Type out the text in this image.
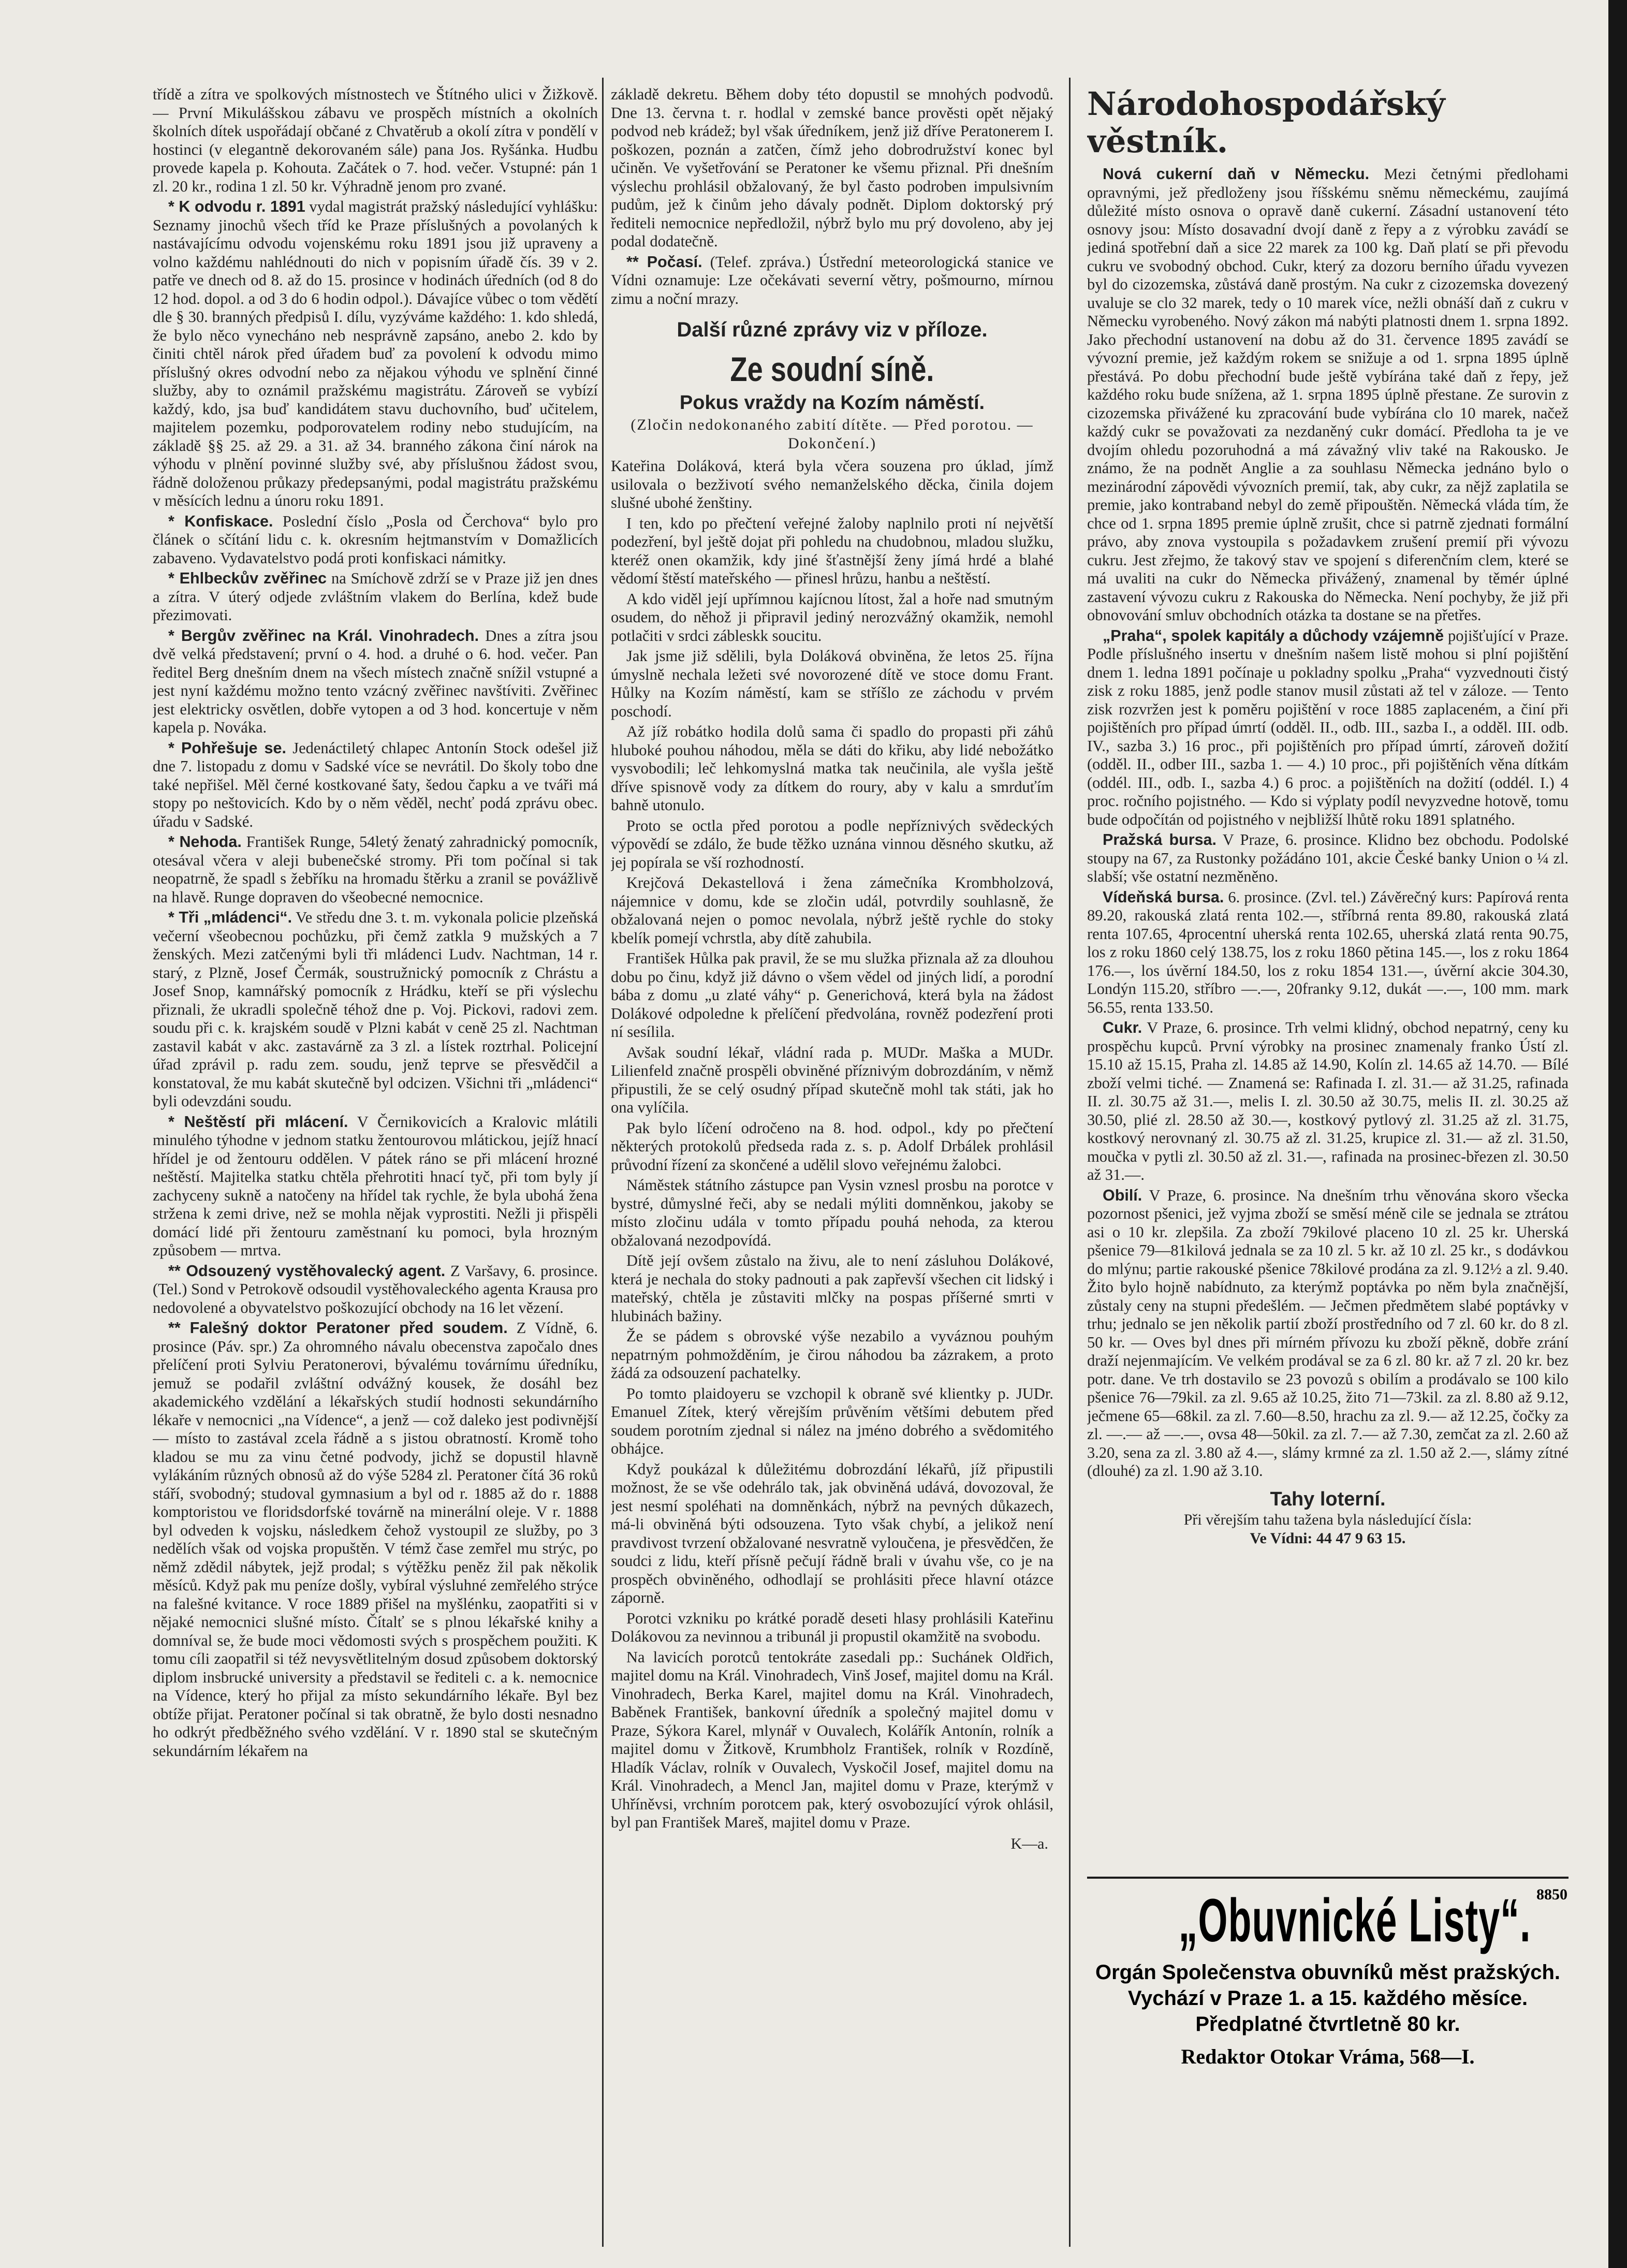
třídě a zítra ve spolkových místnostech ve Štítného ulici v Žižkově. — První Mikulášskou zábavu ve prospěch místních a okolních školních dítek uspořádají občané z Chvatěrub a okolí zítra v pondělí v hostinci (v elegantně dekorovaném sále) pana Jos. Ryšánka. Hudbu provede kapela p. Kohouta. Začátek o 7. hod. večer. Vstupné: pán 1 zl. 20 kr., rodina 1 zl. 50 kr. Výhradně jenom pro zvané.

* K odvodu r. 1891 vydal magistrát pražský následující vyhlášku: Seznamy jinochů všech tříd ke Praze příslušných a povolaných k nastávajícímu odvodu vojenskému roku 1891 jsou již upraveny a volno každému nahlédnouti do nich v popisním úřadě čís. 39 v 2. patře ve dnech od 8. až do 15. prosince v hodinách úředních (od 8 do 12 hod. dopol. a od 3 do 6 hodin odpol.). Dávajíce vůbec o tom vědětí dle § 30. branných předpisů I. dílu, vyzýváme každého: 1. kdo shledá, že bylo něco vynecháno neb nesprávně zapsáno, anebo 2. kdo by činiti chtěl nárok před úřadem buď za povolení k odvodu mimo příslušný okres odvodní nebo za nějakou výhodu ve splnění činné služby, aby to oznámil pražskému magistrátu. Zároveň se vybízí každý, kdo, jsa buď kandidátem stavu duchovního, buď učitelem, majitelem pozemku, podporovatelem rodiny nebo studujícím, na základě §§ 25. až 29. a 31. až 34. branného zákona činí nárok na výhodu v plnění povinné služby své, aby příslušnou žádost svou, řádně doloženou průkazy předepsanými, podal magistrátu pražskému v měsících lednu a únoru roku 1891.

* Konfiskace. Poslední číslo „Posla od Čerchova“ bylo pro článek o sčítání lidu c. k. okresním hejtmanstvím v Domažlicích zabaveno. Vydavatelstvo podá proti konfiskaci námitky.

* Ehlbeckův zvěřinec na Smíchově zdrží se v Praze již jen dnes a zítra. V úterý odjede zvláštním vlakem do Berlína, kdež bude přezimovati.

* Bergův zvěřinec na Král. Vinohradech. Dnes a zítra jsou dvě velká představení; první o 4. hod. a druhé o 6. hod. večer. Pan ředitel Berg dnešním dnem na všech místech značně snížil vstupné a jest nyní každému možno tento vzácný zvěřinec navštíviti. Zvěřinec jest elektricky osvětlen, dobře vytopen a od 3 hod. koncertuje v něm kapela p. Nováka.

* Pohřešuje se. Jedenáctiletý chlapec Antonín Stock odešel již dne 7. listopadu z domu v Sadské více se nevrátil. Do školy tobo dne také nepřišel. Měl černé kostkované šaty, šedou čapku a ve tváři má stopy po neštovicích. Kdo by o něm věděl, nechť podá zprávu obec. úřadu v Sadské.

* Nehoda. František Runge, 54letý ženatý zahradnický pomocník, otesával včera v aleji bubenečské stromy. Při tom počínal si tak neopatrně, že spadl s žebříku na hromadu štěrku a zranil se povážlivě na hlavě. Runge dopraven do všeobecné nemocnice.

* Tři „mládenci“. Ve středu dne 3. t. m. vykonala policie plzeňská večerní všeobecnou pochůzku, při čemž zatkla 9 mužských a 7 ženských. Mezi zatčenými byli tři mládenci Ludv. Nachtman, 14 r. starý, z Plzně, Josef Čermák, soustružnický pomocník z Chrástu a Josef Snop, kamnářský pomocník z Hrádku, kteří se při výslechu přiznali, že ukradli společně téhož dne p. Voj. Pickovi, radovi zem. soudu při c. k. krajském soudě v Plzni kabát v ceně 25 zl. Nachtman zastavil kabát v akc. zastavárně za 3 zl. a lístek roztrhal. Policejní úřad zprávil p. radu zem. soudu, jenž teprve se přesvědčil a konstatoval, že mu kabát skutečně byl odcizen. Všichni tři „mládenci“ byli odevzdáni soudu.

* Neštěstí při mlácení. V Černikovicích a Kralovic mlátili minulého týhodne v jednom statku žentourovou mlátickou, jejíž hnací hřídel je od žentouru oddělen. V pátek ráno se při mlácení hrozné neštěstí. Majitelka statku chtěla přehrotiti hnací tyč, při tom byly jí zachyceny sukně a natočeny na hřídel tak rychle, že byla ubohá žena stržena k zemi drive, než se mohla nějak vyprostiti. Nežli ji přispěli domácí lidé při žentouru zaměstnaní ku pomoci, byla hrozným způsobem — mrtva.

** Odsouzený vystěhovalecký agent. Z Varšavy, 6. prosince. (Tel.) Sond v Petrokově odsoudil vystěhovaleckého agenta Krausa pro nedovolené a obyvatelstvo poškozující obchody na 16 let vězení.

** Falešný doktor Peratoner před soudem. Z Vídně, 6. prosince (Páv. spr.) Za ohromného návalu obecenstva započalo dnes přelíčení proti Sylviu Peratonerovi, bývalému továrnímu úředníku, jemuž se podařil zvláštní odvážný kousek, že dosáhl bez akademického vzdělání a lékařských studií hodnosti sekundárního lékaře v nemocnici „na Vídence“, a jenž — což daleko jest podivnější — místo to zastával zcela řádně a s jistou obratností. Kromě toho kladou se mu za vinu četné podvody, jichž se dopustil hlavně vylákáním různých obnosů až do výše 5284 zl. Peratoner čítá 36 roků stáří, svobodný; studoval gymnasium a byl od r. 1885 až do r. 1888 komptoristou ve floridsdorfské továrně na minerální oleje. V r. 1888 byl odveden k vojsku, následkem čehož vystoupil ze služby, po 3 nedělích však od vojska propuštěn. V témž čase zemřel mu strýc, po němž zdědil nábytek, jejž prodal; s výtěžku peněz žil pak několik měsíců. Když pak mu peníze došly, vybíral výsluhné zemřelého strýce na falešné kvitance. V roce 1889 přišel na myšlénku, zaopatřiti si v nějaké nemocnici slušné místo. Čítalť se s plnou lékařské knihy a domníval se, že bude moci vědomosti svých s prospěchem použiti. K tomu cíli zaopatřil si též nevysvětlitelným dosud způsobem doktorský diplom insbrucké university a představil se řediteli c. a k. nemocnice na Vídence, který ho přijal za místo sekundárního lékaře. Byl bez obtíže přijat. Peratoner počínal si tak obratně, že bylo dosti nesnadno ho odkrýt předběžného svého vzdělání. V r. 1890 stal se skutečným sekundárním lékařem na

základě dekretu. Během doby této dopustil se mnohých podvodů. Dne 13. června t. r. hodlal v zemské bance prověsti opět nějaký podvod neb krádež; byl však úředníkem, jenž již dříve Peratonerem I. poškozen, poznán a zatčen, čímž jeho dobrodružství konec byl učiněn. Ve vyšetřování se Peratoner ke všemu přiznal. Při dnešním výslechu prohlásil obžalovaný, že byl často podroben impulsivním pudům, jež k činům jeho dávaly podnět. Diplom doktorský prý řediteli nemocnice nepředložil, nýbrž bylo mu prý dovoleno, aby jej podal dodatečně.

** Počasí. (Telef. zpráva.) Ústřední meteorologická stanice ve Vídni oznamuje: Lze očekávati severní větry, pošmourno, mírnou zimu a noční mrazy.

Další různé zprávy viz v příloze.
Ze soudní síně.
Pokus vraždy na Kozím náměstí.
(Zločin nedokonaného zabití dítěte. — Před porotou. — Dokončení.)

Kateřina Doláková, která byla včera souzena pro úklad, jímž usilovala o bezživotí svého nemanželského děcka, činila dojem slušné ubohé ženštiny.

I ten, kdo po přečtení veřejné žaloby naplnilo proti ní největší podezření, byl ještě dojat při pohledu na chudobnou, mladou služku, kteréž onen okamžik, kdy jiné šťastnější ženy jímá hrdé a blahé vědomí štěstí mateřského — přinesl hrůzu, hanbu a neštěstí.

A kdo viděl její upřímnou kajícnou lítost, žal a hoře nad smutným osudem, do něhož ji připravil jediný nerozvážný okamžik, nemohl potlačiti v srdci zábleskk soucitu.

Jak jsme již sdělili, byla Doláková obviněna, že letos 25. října úmyslně nechala ležeti své novorozené dítě ve stoce domu Frant. Hůlky na Kozím náměstí, kam se stříšlo ze záchodu v prvém poschodí.

Až jíž robátko hodila dolů sama či spadlo do propasti při záhů hluboké pouhou náhodou, měla se dáti do křiku, aby lidé nebožátko vysvobodili; leč lehkomyslná matka tak neučinila, ale vyšla ještě dříve spisnově vody za dítkem do roury, aby v kalu a smrduťím bahně utonulo.

Proto se octla před porotou a podle nepříznivých svědeckých výpovědí se zdálo, že bude těžko uznána vinnou děsného skutku, až jej popírala se vší rozhodností.

Krejčová Dekastellová i žena zámečníka Krombholzová, nájemnice v domu, kde se zločin udál, potvrdily souhlasně, že obžalovaná nejen o pomoc nevolala, nýbrž ještě rychle do stoky kbelík pomejí vchrstla, aby dítě zahubila.

František Hůlka pak pravil, že se mu služka přiznala až za dlouhou dobu po činu, když již dávno o všem vědel od jiných lidí, a porodní bába z domu „u zlaté váhy“ p. Generichová, která byla na žádost Dolákové odpoledne k přelíčení předvolána, rovněž podezření proti ní sesílila.

Avšak soudní lékař, vládní rada p. MUDr. Maška a MUDr. Lilienfeld značně prospěli obviněné příznivým dobrozdáním, v němž připustili, že se celý osudný případ skutečně mohl tak státi, jak ho ona vylíčila.

Pak bylo líčení odročeno na 8. hod. odpol., kdy po přečtení některých protokolů předseda rada z. s. p. Adolf Drbálek prohlásil průvodní řízení za skončené a udělil slovo veřejnému žalobci.

Náměstek státního zástupce pan Vysin vznesl prosbu na porotce v bystré, důmyslné řeči, aby se nedali mýliti domněnkou, jakoby se místo zločinu udála v tomto případu pouhá nehoda, za kterou obžalovaná nezodpovídá.

Dítě její ovšem zůstalo na živu, ale to není zásluhou Dolákové, která je nechala do stoky padnouti a pak zapřevší všechen cit lidský i mateřský, chtěla je zůstaviti mlčky na pospas příšerné smrti v hlubinách bažiny.

Že se pádem s obrovské výše nezabilo a vyváznou pouhým nepatrným pohmožděním, je čirou náhodou ba zázrakem, a proto žádá za odsouzení pachatelky.

Po tomto plaidoyeru se vzchopil k obraně své klientky p. JUDr. Emanuel Zítek, který věrejším průvěním většími debutem před soudem porotním zjednal si nález na jméno dobrého a svědomitého obhájce.

Když poukázal k důležitému dobrozdání lékařů, jíž připustili možnost, že se vše odehrálo tak, jak obviněná udává, dovozoval, že jest nesmí spoléhati na domněnkách, nýbrž na pevných důkazech, má-li obviněná býti odsouzena. Tyto však chybí, a jelikož není pravdivost tvrzení obžalované nesvratně vyloučena, je přesvědčen, že soudci z lidu, kteří přísně pečují řádně brali v úvahu vše, co je na prospěch obviněného, odhodlají se prohlásiti přece hlavní otázce záporně.

Porotci vzkniku po krátké poradě deseti hlasy prohlásili Kateřinu Dolákovou za nevinnou a tribunál ji propustil okamžitě na svobodu.

Na lavicích porotců tentokráte zasedali pp.: Suchánek Oldřich, majitel domu na Král. Vinohradech, Vinš Josef, majitel domu na Král. Vinohradech, Berka Karel, majitel domu na Král. Vinohradech, Baběnek František, bankovní úředník a společný majitel domu v Praze, Sýkora Karel, mlynář v Ouvalech, Kolářík Antonín, rolník a majitel domu v Žitkově, Krumbholz František, rolník v Rozdíně, Hladík Václav, rolník v Ouvalech, Vyskočil Josef, majitel domu na Král. Vinohradech, a Mencl Jan, majitel domu v Praze, kterýmž v Uhříněvsi, vrchním porotcem pak, který osvobozující výrok ohlásil, byl pan František Mareš, majitel domu v Praze.

K—a.
Národohospodářský věstník.

Nová cukerní daň v Německu. Mezi četnými předlohami opravnými, jež předloženy jsou říšskému sněmu německému, zaujímá důležité místo osnova o opravě daně cukerní. Zásadní ustanovení této osnovy jsou: Místo dosavadní dvojí daně z řepy a z výrobku zavádí se jediná spotřební daň a sice 22 marek za 100 kg. Daň platí se při převodu cukru ve svobodný obchod. Cukr, který za dozoru berního úřadu vyvezen byl do cizozemska, zůstává daně prostým. Na cukr z cizozemska dovezený uvaluje se clo 32 marek, tedy o 10 marek více, nežli obnáší daň z cukru v Německu vyrobeného. Nový zákon má nabýti platnosti dnem 1. srpna 1892. Jako přechodní ustanovení na dobu až do 31. července 1895 zavádí se vývozní premie, jež každým rokem se snižuje a od 1. srpna 1895 úplně přestává. Po dobu přechodní bude ještě vybírána také daň z řepy, jež každého roku bude snížena, až 1. srpna 1895 úplně přestane. Ze surovin z cizozemska přivážené ku zpracování bude vybírána clo 10 marek, načež každý cukr se považovati za nezdaněný cukr domácí. Předloha ta je ve dvojím ohledu pozoruhodná a má závažný vliv také na Rakousko. Je známo, že na podnět Anglie a za souhlasu Německa jednáno bylo o mezinárodní zápovědi vývozních premií, tak, aby cukr, za nějž zaplatila se premie, jako kontraband nebyl do země připouštěn. Německá vláda tím, že chce od 1. srpna 1895 premie úplně zrušit, chce si patrně zjednati formální právo, aby znova vystoupila s požadavkem zrušení premií při vývozu cukru. Jest zřejmo, že takový stav ve spojení s diferenčním clem, které se má uvaliti na cukr do Německa přivážený, znamenal by těmér úplné zastavení vývozu cukru z Rakouska do Německa. Není pochyby, že již při obnovování smluv obchodních otázka ta dostane se na přetřes.

„Praha“, spolek kapitály a důchody vzájemně pojišťující v Praze. Podle příslušného insertu v dnešním našem listě mohou si plní pojištění dnem 1. ledna 1891 počínaje u pokladny spolku „Praha“ vyzvednouti čistý zisk z roku 1885, jenž podle stanov musil zůstati až tel v záloze. — Tento zisk rozvržen jest k poměru pojištění v roce 1885 zaplaceném, a činí při pojištěních pro případ úmrtí (odděl. II., odb. III., sazba I., a odděl. III. odb. IV., sazba 3.) 16 proc., při pojištěních pro případ úmrtí, zároveň dožití (odděl. II., odber III., sazba 1. — 4.) 10 proc., při pojištěních věna dítkám (oddél. III., odb. I., sazba 4.) 6 proc. a pojištěních na dožití (oddél. I.) 4 proc. ročního pojistného. — Kdo si výplaty podíl nevyzvedne hotově, tomu bude odpočítán od pojistného v nejbližší lhůtě roku 1891 splatného.

Pražská bursa. V Praze, 6. prosince. Klidno bez obchodu. Podolské stoupy na 67, za Rustonky požádáno 101, akcie České banky Union o ¼ zl. slabší; vše ostatní nezměněno.

Vídeňská bursa. 6. prosince. (Zvl. tel.) Závěrečný kurs: Papírová renta 89.20, rakouská zlatá renta 102.—, stříbrná renta 89.80, rakouská zlatá renta 107.65, 4procentní uherská renta 102.65, uherská zlatá renta 90.75, los z roku 1860 celý 138.75, los z roku 1860 pětina 145.—, los z roku 1864 176.—, los úvěrní 184.50, los z roku 1854 131.—, úvěrní akcie 304.30, Londýn 115.20, stříbro —.—, 20franky 9.12, dukát —.—, 100 mm. mark 56.55, renta 133.50.

Cukr. V Praze, 6. prosince. Trh velmi klidný, obchod nepatrný, ceny ku prospěchu kupců. První výrobky na prosinec znamenaly franko Ústí zl. 15.10 až 15.15, Praha zl. 14.85 až 14.90, Kolín zl. 14.65 až 14.70. — Bílé zboží velmi tiché. — Znamená se: Rafinada I. zl. 31.— až 31.25, rafinada II. zl. 30.75 až 31.—, melis I. zl. 30.50 až 30.75, melis II. zl. 30.25 až 30.50, plié zl. 28.50 až 30.—, kostkový pytlový zl. 31.25 až zl. 31.75, kostkový nerovnaný zl. 30.75 až zl. 31.25, krupice zl. 31.— až zl. 31.50, moučka v pytli zl. 30.50 až zl. 31.—, rafinada na prosinec-březen zl. 30.50 až 31.—.

Obilí. V Praze, 6. prosince. Na dnešním trhu věnována skoro všecka pozornost pšenici, jež vyjma zboží se směsí méně cile se jednala se ztrátou asi o 10 kr. zlepšila. Za zboží 79kilové placeno 10 zl. 25 kr. Uherská pšenice 79—81kilová jednala se za 10 zl. 5 kr. až 10 zl. 25 kr., s dodávkou do mlýnu; partie rakouské pšenice 78kilové prodána za zl. 9.12½ a zl. 9.40. Žito bylo hojně nabídnuto, za kterýmž poptávka po něm byla značnější, zůstaly ceny na stupni předešlém. — Ječmen předmětem slabé poptávky v trhu; jednalo se jen několik partií zboží prostředního od 7 zl. 60 kr. do 8 zl. 50 kr. — Oves byl dnes při mírném přívozu ku zboží pěkně, dobře zrání draží nejenmajícím. Ve velkém prodával se za 6 zl. 80 kr. až 7 zl. 20 kr. bez potr. dane. Ve trh dostavilo se 23 povozů s obilím a prodávalo se 100 kilo pšenice 76—79kil. za zl. 9.65 až 10.25, žito 71—73kil. za zl. 8.80 až 9.12, ječmene 65—68kil. za zl. 7.60—8.50, hrachu za zl. 9.— až 12.25, čočky za zl. —.— až —.—, ovsa 48—50kil. za zl. 7.— až 7.30, zemčat za zl. 2.60 až 3.20, sena za zl. 3.80 až 4.—, slámy krmné za zl. 1.50 až 2.—, slámy zítné (dlouhé) za zl. 1.90 až 3.10.

Tahy loterní.
Při věrejším tahu tažena byla následující čísla:
Ve Vídni: 44 47 9 63 15.
8850
„Obuvnické Listy“.
Orgán Společenstva obuvníků měst pražských. Vychází v Praze 1. a 15. každého měsíce. Předplatné čtvrtletně 80 kr.
Redaktor Otokar Vráma, 568—I.
